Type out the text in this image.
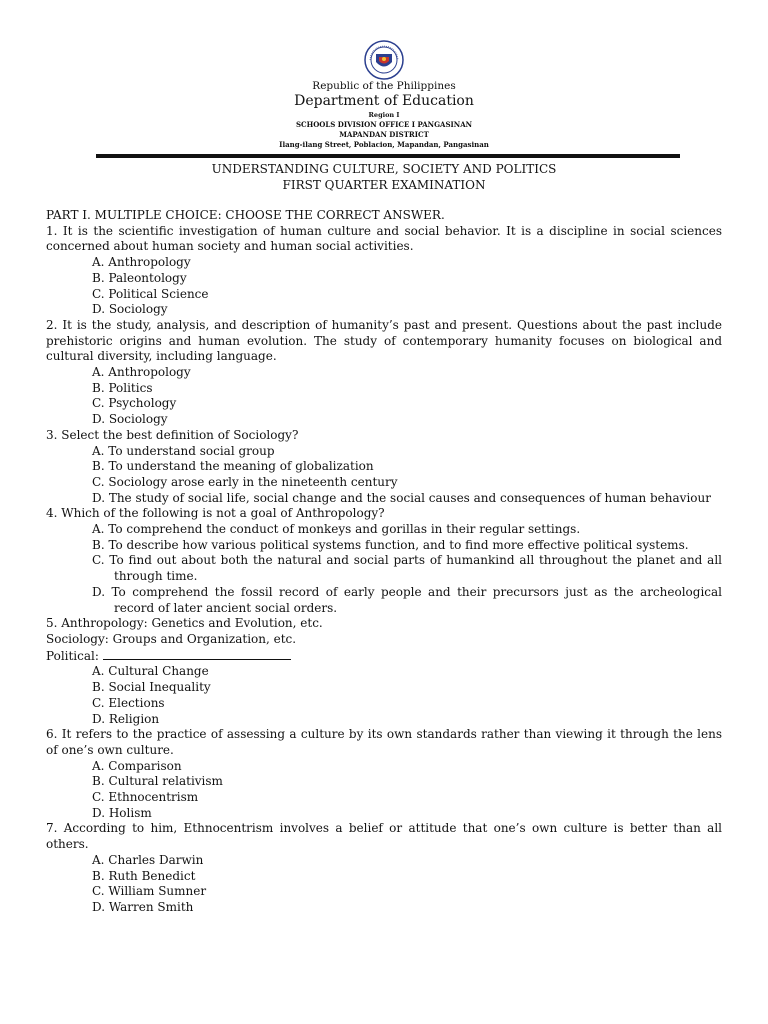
Republic of the Philippines
Department of Education
Region I
SCHOOLS DIVISION OFFICE I PANGASINAN
MAPANDAN DISTRICT
Ilang-ilang Street, Poblacion, Mapandan, Pangasinan
UNDERSTANDING CULTURE, SOCIETY AND POLITICS
FIRST QUARTER EXAMINATION
PART I. MULTIPLE CHOICE: CHOOSE THE CORRECT ANSWER.
1. It is the scientific investigation of human culture and social behavior. It is a discipline in social sciences concerned about human society and human social activities.
A. Anthropology
B. Paleontology
C. Political Science
D. Sociology
2. It is the study, analysis, and description of humanity’s past and present. Questions about the past include prehistoric origins and human evolution. The study of contemporary humanity focuses on biological and cultural diversity, including language.
A. Anthropology
B. Politics
C. Psychology
D. Sociology
3. Select the best definition of Sociology?
A. To understand social group
B. To understand the meaning of globalization
C. Sociology arose early in the nineteenth century
D. The study of social life, social change and the social causes and consequences of human behaviour
4. Which of the following is not a goal of Anthropology?
A. To comprehend the conduct of monkeys and gorillas in their regular settings.
B. To describe how various political systems function, and to find more effective political systems.
C. To find out about both the natural and social parts of humankind all throughout the planet and all through time.
D. To comprehend the fossil record of early people and their precursors just as the archeological record of later ancient social orders.
5. Anthropology: Genetics and Evolution, etc.
Sociology: Groups and Organization, etc.
Political:
A. Cultural Change
B. Social Inequality
C. Elections
D. Religion
6. It refers to the practice of assessing a culture by its own standards rather than viewing it through the lens of one’s own culture.
A. Comparison
B. Cultural relativism
C. Ethnocentrism
D. Holism
7. According to him, Ethnocentrism involves a belief or attitude that one’s own culture is better than all others.
A. Charles Darwin
B. Ruth Benedict
C. William Sumner
D. Warren Smith
